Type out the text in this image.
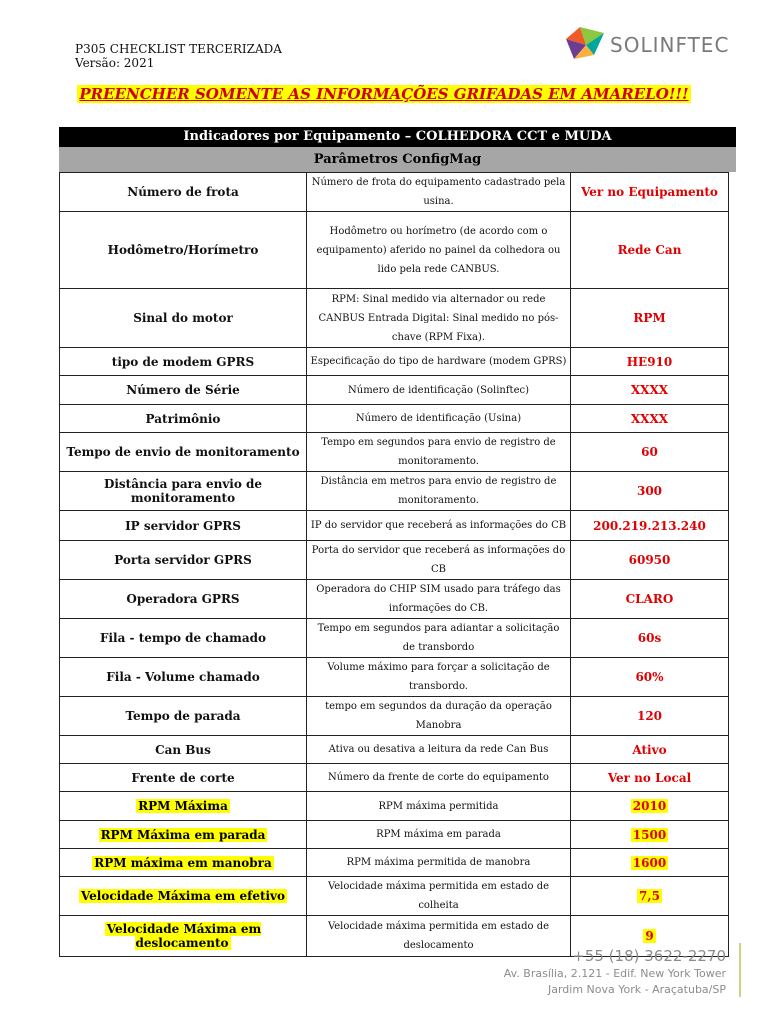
P305 CHECKLIST TERCERIZADA
Versão: 2021
SOLINFTEC
PREENCHER SOMENTE AS INFORMAÇÕES GRIFADAS EM AMARELO!!!
Indicadores por Equipamento – COLHEDORA CCT e MUDA
Parâmetros ConfigMag
Número de frota	Número de frota do equipamento cadastrado pela usina.	Ver no Equipamento
Hodômetro/Horímetro	Hodômetro ou horímetro (de acordo com o equipamento) aferido no painel da colhedora ou lido pela rede CANBUS.	Rede Can
Sinal do motor	RPM: Sinal medido via alternador ou rede CANBUS Entrada Digital: Sinal medido no pós-chave (RPM Fixa).	RPM
tipo de modem GPRS	Especificação do tipo de hardware (modem GPRS)	HE910
Número de Série	Número de identificação (Solinftec)	XXXX
Patrimônio	Número de identificação (Usina)	XXXX
Tempo de envio de monitoramento	Tempo em segundos para envio de registro de monitoramento.	60
Distância para envio de monitoramento	Distância em metros para envio de registro de monitoramento.	300
IP servidor GPRS	IP do servidor que receberá as informações do CB	200.219.213.240
Porta servidor GPRS	Porta do servidor que receberá as informações do CB	60950
Operadora GPRS	Operadora do CHIP SIM usado para tráfego das informações do CB.	CLARO
Fila - tempo de chamado	Tempo em segundos para adiantar a solicitação de transbordo	60s
Fila - Volume chamado	Volume máximo para forçar a solicitação de transbordo.	60%
Tempo de parada	tempo em segundos da duração da operação Manobra	120
Can Bus	Ativa ou desativa a leitura da rede Can Bus	Ativo
Frente de corte	Número da frente de corte do equipamento	Ver no Local
RPM Máxima	RPM máxima permitida	2010
RPM Máxima em parada	RPM máxima em parada	1500
RPM máxima em manobra	RPM máxima permitida de manobra	1600
Velocidade Máxima em efetivo	Velocidade máxima permitida em estado de colheita	7,5
Velocidade Máxima em deslocamento	Velocidade máxima permitida em estado de deslocamento	9
+55 (18) 3622-2270
Av. Brasília, 2.121 - Edif. New York Tower
Jardim Nova York - Araçatuba/SP
